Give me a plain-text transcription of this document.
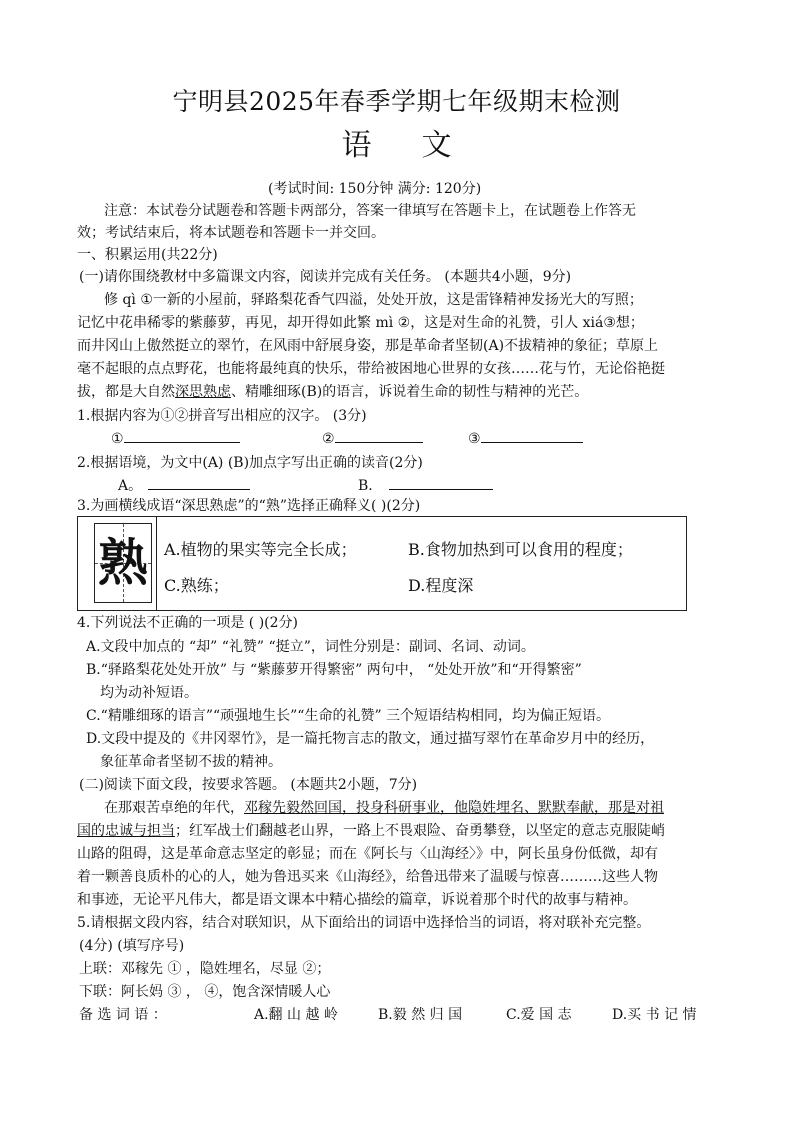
宁明县2025年春季学期七年级期末检测
语文
(考试时间: 150分钟 满分: 120分)
注意：本试卷分试题卷和答题卡两部分，答案一律填写在答题卡上，在试题卷上作答无
效；考试结束后，将本试题卷和答题卡一并交回。
一、积累运用(共22分)
(一)请你围绕教材中多篇课文内容，阅读并完成有关任务。 (本题共4小题，9分)
修 qì ①一新的小屋前，驿路梨花香气四溢，处处开放，这是雷锋精神发扬光大的写照；
记忆中花串稀零的紫藤萝，再见，却开得如此繁 mì ②，这是对生命的礼赞，引人 xiá③想；
而井冈山上傲然挺立的翠竹，在风雨中舒展身姿，那是革命者坚韧(A)不拔精神的象征；草原上
毫不起眼的点点野花，也能将最纯真的快乐，带给被困地心世界的女孩……花与竹，无论俗艳挺
拔，都是大自然深思熟虑、精雕细琢(B)的语言，诉说着生命的韧性与精神的光芒。
1.根据内容为①②拼音写出相应的汉字。 (3分)
①	②	③
2.根据语境，为文中(A) (B)加点字写出正确的读音(2分)
A。	B.
3.为画横线成语“深思熟虑”的“熟”选择正确释义( )(2分)
熟 A.植物的果实等完全长成；	B.食物加热到可以食用的程度；
C.熟练；	D.程度深
4.下列说法不正确的一项是 ( )(2分)
A.文段中加点的 “却” “礼赞” “挺立”，词性分别是：副词、名词、动词。
B.“驿路梨花处处开放” 与 “紫藤萝开得繁密” 两句中， “处处开放”和“开得繁密”
均为动补短语。
C.“精雕细琢的语言”“顽强地生长”“生命的礼赞” 三个短语结构相同，均为偏正短语。
D.文段中提及的《井冈翠竹》，是一篇托物言志的散文，通过描写翠竹在革命岁月中的经历，
象征革命者坚韧不拔的精神。
(二)阅读下面文段，按要求答题。 (本题共2小题，7分)
在那艰苦卓绝的年代，邓稼先毅然回国，投身科研事业，他隐姓埋名、默默奉献，那是对祖
国的忠诚与担当；红军战士们翻越老山界，一路上不畏艰险、奋勇攀登，以坚定的意志克服陡峭
山路的阻碍，这是革命意志坚定的彰显；而在《阿长与〈山海经〉》中，阿长虽身份低微，却有
着一颗善良质朴的心的人，她为鲁迅买来《山海经》，给鲁迅带来了温暖与惊喜………这些人物
和事迹，无论平凡伟大，都是语文课本中精心描绘的篇章，诉说着那个时代的故事与精神。
5.请根据文段内容，结合对联知识，从下面给出的词语中选择恰当的词语，将对联补充完整。
(4分) (填写序号)
上联：邓稼先 ① ，隐姓埋名，尽显 ②；
下联：阿长妈 ③ ， ④，饱含深情暖人心
备 选 词 语 ：	A.翻 山 越 岭	B.毅 然 归 国	C.爱 国 志	D.买 书 记 情
